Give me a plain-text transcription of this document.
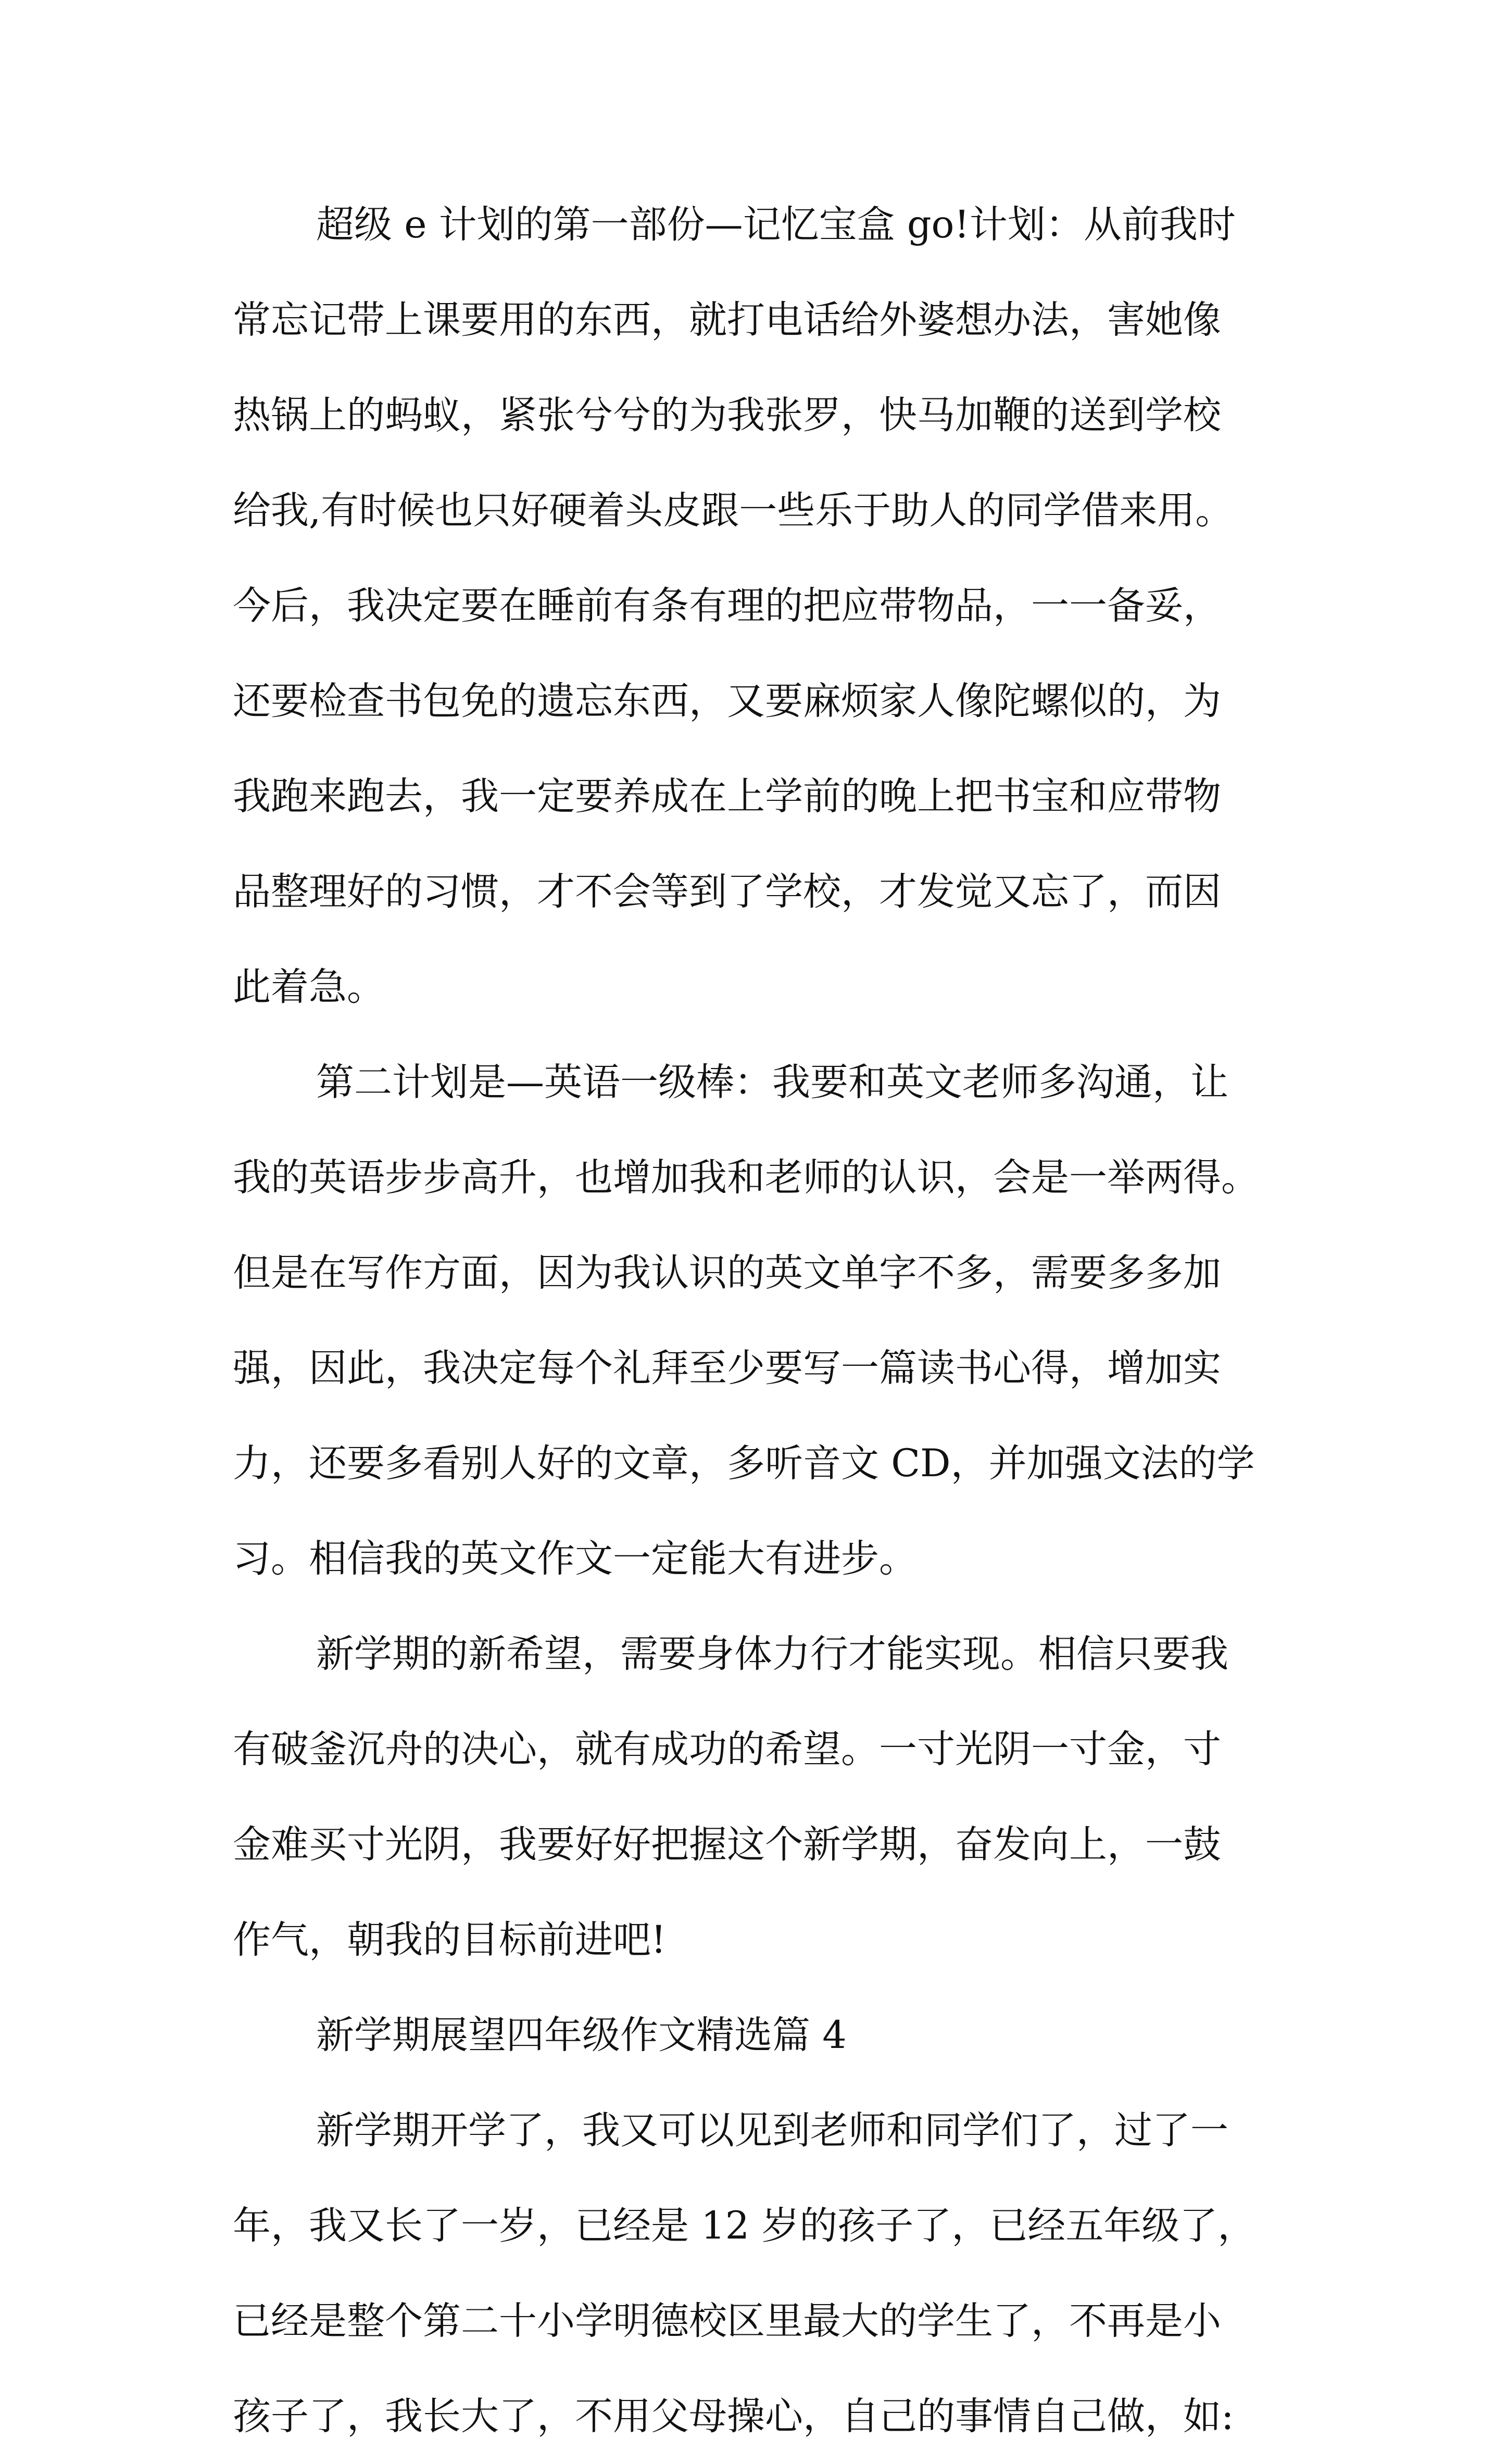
超级 e 计划的第一部份—记忆宝盒 go!计划：从前我时
常忘记带上课要用的东西，就打电话给外婆想办法，害她像
热锅上的蚂蚁，紧张兮兮的为我张罗，快马加鞭的送到学校
给我,有时候也只好硬着头皮跟一些乐于助人的同学借来用。
今后，我决定要在睡前有条有理的把应带物品，一一备妥，
还要检查书包免的遗忘东西，又要麻烦家人像陀螺似的，为
我跑来跑去，我一定要养成在上学前的晚上把书宝和应带物
品整理好的习惯，才不会等到了学校，才发觉又忘了，而因
此着急。
第二计划是—英语一级棒：我要和英文老师多沟通，让
我的英语步步高升，也增加我和老师的认识，会是一举两得。
但是在写作方面，因为我认识的英文单字不多，需要多多加
强，因此，我决定每个礼拜至少要写一篇读书心得，增加实
力，还要多看别人好的文章，多听音文 CD，并加强文法的学
习。相信我的英文作文一定能大有进步。
新学期的新希望，需要身体力行才能实现。相信只要我
有破釜沉舟的决心，就有成功的希望。一寸光阴一寸金，寸
金难买寸光阴，我要好好把握这个新学期，奋发向上，一鼓
作气，朝我的目标前进吧!
新学期展望四年级作文精选篇 4
新学期开学了，我又可以见到老师和同学们了，过了一
年，我又长了一岁，已经是 12 岁的孩子了，已经五年级了，
已经是整个第二十小学明德校区里最大的学生了，不再是小
孩子了，我长大了，不用父母操心，自己的事情自己做，如:
